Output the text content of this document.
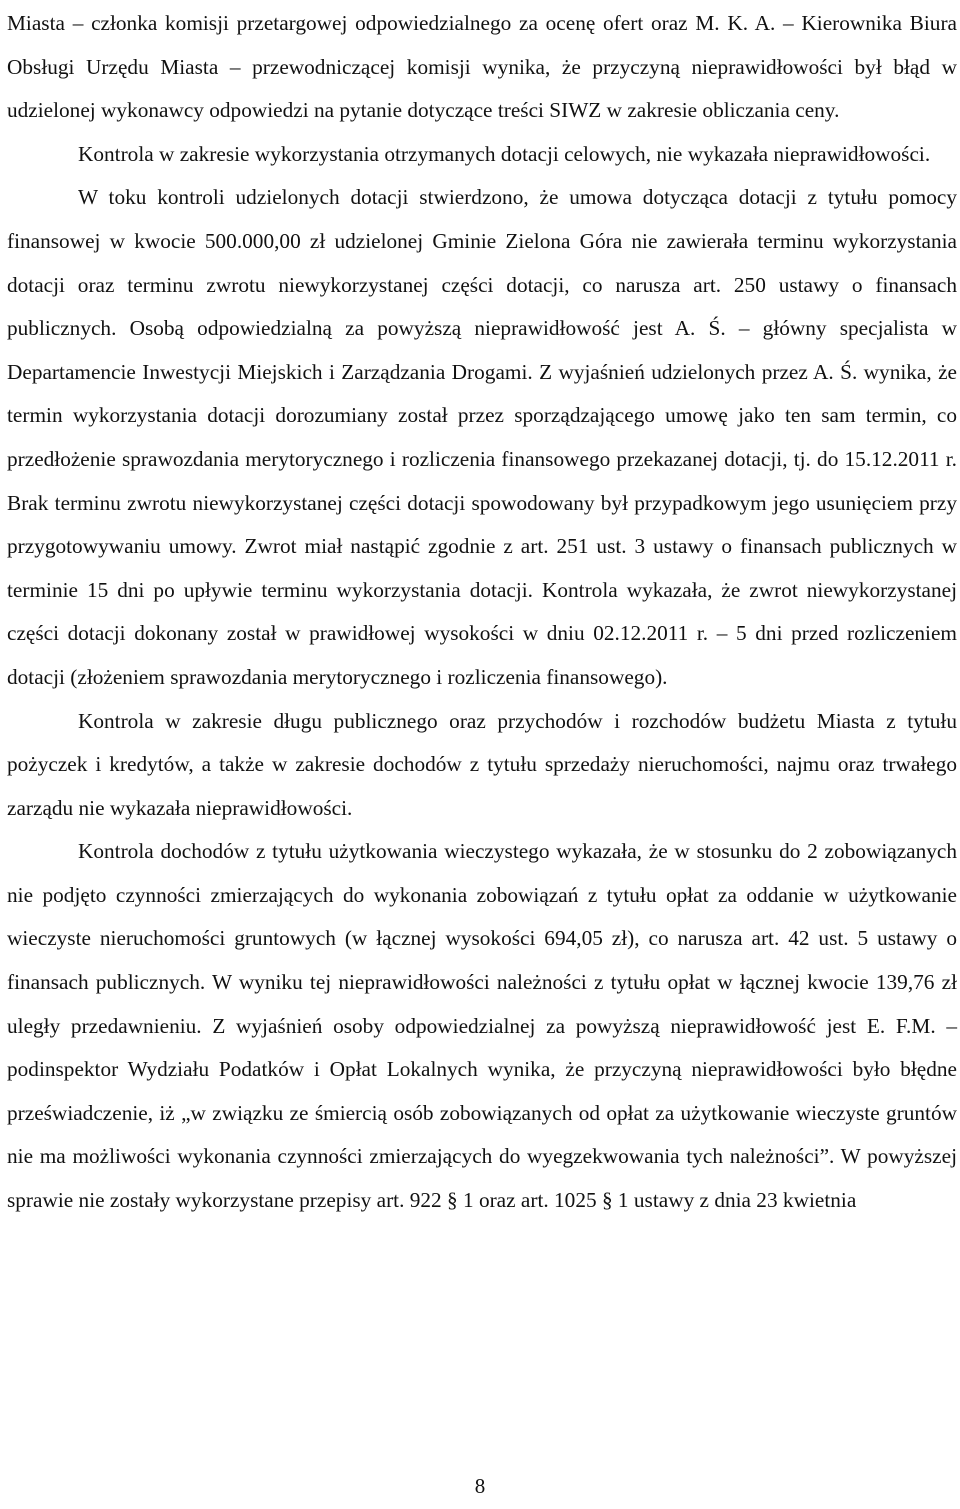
Miasta – członka komisji przetargowej odpowiedzialnego za ocenę ofert oraz M. K. A. – Kierownika Biura Obsługi Urzędu Miasta – przewodniczącej komisji wynika, że przyczyną nieprawidłowości był błąd w udzielonej wykonawcy odpowiedzi na pytanie dotyczące treści SIWZ w zakresie obliczania ceny.

Kontrola w zakresie wykorzystania otrzymanych dotacji celowych, nie wykazała nieprawidłowości.

W toku kontroli udzielonych dotacji stwierdzono, że umowa dotycząca dotacji z tytułu pomocy finansowej w kwocie 500.000,00 zł udzielonej Gminie Zielona Góra nie zawierała terminu wykorzystania dotacji oraz terminu zwrotu niewykorzystanej części dotacji, co narusza art. 250 ustawy o finansach publicznych. Osobą odpowiedzialną za powyższą nieprawidłowość jest A. Ś. – główny specjalista w Departamencie Inwestycji Miejskich i Zarządzania Drogami. Z wyjaśnień udzielonych przez A. Ś. wynika, że termin wykorzystania dotacji dorozumiany został przez sporządzającego umowę jako ten sam termin, co przedłożenie sprawozdania merytorycznego i rozliczenia finansowego przekazanej dotacji, tj. do 15.12.2011 r. Brak terminu zwrotu niewykorzystanej części dotacji spowodowany był przypadkowym jego usunięciem przy przygotowywaniu umowy. Zwrot miał nastąpić zgodnie z art. 251 ust. 3 ustawy o finansach publicznych w terminie 15 dni po upływie terminu wykorzystania dotacji. Kontrola wykazała, że zwrot niewykorzystanej części dotacji dokonany został w prawidłowej wysokości w dniu 02.12.2011 r. – 5 dni przed rozliczeniem dotacji (złożeniem sprawozdania merytorycznego i rozliczenia finansowego).

Kontrola w zakresie długu publicznego oraz przychodów i rozchodów budżetu Miasta z tytułu pożyczek i kredytów, a także w zakresie dochodów z tytułu sprzedaży nieruchomości, najmu oraz trwałego zarządu nie wykazała nieprawidłowości.

Kontrola dochodów z tytułu użytkowania wieczystego wykazała, że w stosunku do 2 zobowiązanych nie podjęto czynności zmierzających do wykonania zobowiązań z tytułu opłat za oddanie w użytkowanie wieczyste nieruchomości gruntowych (w łącznej wysokości 694,05 zł), co narusza art. 42 ust. 5 ustawy o finansach publicznych. W wyniku tej nieprawidłowości należności z tytułu opłat w łącznej kwocie 139,76 zł uległy przedawnieniu. Z wyjaśnień osoby odpowiedzialnej za powyższą nieprawidłowość jest E. F.M. – podinspektor Wydziału Podatków i Opłat Lokalnych wynika, że przyczyną nieprawidłowości było błędne przeświadczenie, iż „w związku ze śmiercią osób zobowiązanych od opłat za użytkowanie wieczyste gruntów nie ma możliwości wykonania czynności zmierzających do wyegzekwowania tych należności”. W powyższej sprawie nie zostały wykorzystane przepisy art. 922 § 1 oraz art. 1025 § 1 ustawy z dnia 23 kwietnia

8
